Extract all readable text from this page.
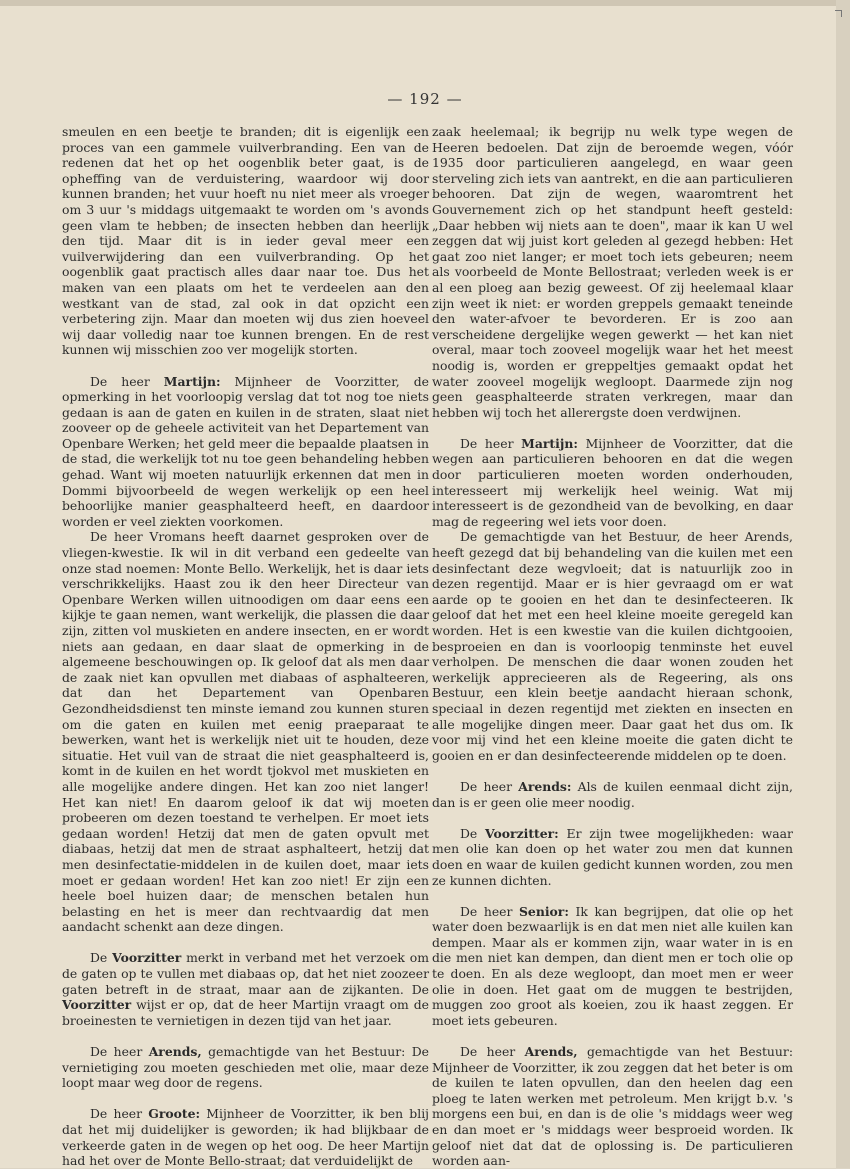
— 192 —

smeulen en een beetje te branden; dit is eigenlijk een proces van een gammele vuilverbranding. Een van de redenen dat het op het oogenblik beter gaat, is de opheffing van de verduistering, waardoor wij door kunnen branden; het vuur hoeft nu niet meer als vroeger om 3 uur 's middags uitgemaakt te worden om 's avonds geen vlam te hebben; de insecten hebben dan heerlijk den tijd. Maar dit is in ieder geval meer een vuilverwijdering dan een vuilverbranding. Op het oogenblik gaat practisch alles daar naar toe. Dus het maken van een plaats om het te verdeelen aan den westkant van de stad, zal ook in dat opzicht een verbetering zijn. Maar dan moeten wij dus zien hoeveel wij daar volledig naar toe kunnen brengen. En de rest kunnen wij misschien zoo ver mogelijk storten.

De heer Martijn: Mijnheer de Voorzitter, de opmerking in het voorloopig verslag dat tot nog toe niets gedaan is aan de gaten en kuilen in de straten, slaat niet zooveer op de geheele activiteit van het Departement van Openbare Werken; het geld meer die bepaalde plaatsen in de stad, die werkelijk tot nu toe geen behandeling hebben gehad. Want wij moeten natuurlijk erkennen dat men in Dommi bijvoorbeeld de wegen werkelijk op een heel behoorlijke manier geasphalteerd heeft, en daardoor worden er veel ziekten voorkomen.

De heer Vromans heeft daarnet gesproken over de vliegen-kwestie. Ik wil in dit verband een gedeelte van onze stad noemen: Monte Bello. Werkelijk, het is daar iets verschrikkelijks. Haast zou ik den heer Directeur van Openbare Werken willen uitnoodigen om daar eens een kijkje te gaan nemen, want werkelijk, die plassen die daar zijn, zitten vol muskieten en andere insecten, en er wordt niets aan gedaan, en daar slaat de opmerking in de algemeene beschouwingen op. Ik geloof dat als men daar de zaak niet kan opvullen met diabaas of asphalteeren, dat dan het Departement van Openbaren Gezondheidsdienst ten minste iemand zou kunnen sturen om die gaten en kuilen met eenig praeparaat te bewerken, want het is werkelijk niet uit te houden, deze situatie. Het vuil van de straat die niet geasphalteerd is, komt in de kuilen en het wordt tjokvol met muskieten en alle mogelijke andere dingen. Het kan zoo niet langer! Het kan niet! En daarom geloof ik dat wij moeten probeeren om dezen toestand te verhelpen. Er moet iets gedaan worden! Hetzij dat men de gaten opvult met diabaas, hetzij dat men de straat asphalteert, hetzij dat men desinfectatie-middelen in de kuilen doet, maar iets moet er gedaan worden! Het kan zoo niet! Er zijn een heele boel huizen daar; de menschen betalen hun belasting en het is meer dan rechtvaardig dat men aandacht schenkt aan deze dingen.

De Voorzitter merkt in verband met het verzoek om de gaten op te vullen met diabaas op, dat het niet zoozeer gaten betreft in de straat, maar aan de zijkanten. De Voorzitter wijst er op, dat de heer Martijn vraagt om de broeinesten te vernietigen in dezen tijd van het jaar.

De heer Arends, gemachtigde van het Bestuur: De vernietiging zou moeten geschieden met olie, maar deze loopt maar weg door de regens.

De heer Groote: Mijnheer de Voorzitter, ik ben blij dat het mij duidelijker is geworden; ik had blijkbaar de verkeerde gaten in de wegen op het oog. De heer Martijn had het over de Monte Bello-straat; dat verduidelijkt de

zaak heelemaal; ik begrijp nu welk type wegen de Heeren bedoelen. Dat zijn de beroemde wegen, vóór 1935 door particulieren aangelegd, en waar geen sterveling zich iets van aantrekt, en die aan particulieren behooren. Dat zijn de wegen, waaromtrent het Gouvernement zich op het standpunt heeft gesteld: „Daar hebben wij niets aan te doen", maar ik kan U wel zeggen dat wij juist kort geleden al gezegd hebben: Het gaat zoo niet langer; er moet toch iets gebeuren; neem als voorbeeld de Monte Bellostraat; verleden week is er al een ploeg aan bezig geweest. Of zij heelemaal klaar zijn weet ik niet: er worden greppels gemaakt teneinde den water-afvoer te bevorderen. Er is zoo aan verscheidene dergelijke wegen gewerkt — het kan niet overal, maar toch zooveel mogelijk waar het het meest noodig is, worden er greppeltjes gemaakt opdat het water zooveel mogelijk wegloopt. Daarmede zijn nog geen geasphalteerde straten verkregen, maar dan hebben wij toch het allerergste doen verdwijnen.

De heer Martijn: Mijnheer de Voorzitter, dat die wegen aan particulieren behooren en dat die wegen door particulieren moeten worden onderhouden, interesseert mij werkelijk heel weinig. Wat mij interesseert is de gezondheid van de bevolking, en daar mag de regeering wel iets voor doen.

De gemachtigde van het Bestuur, de heer Arends, heeft gezegd dat bij behandeling van die kuilen met een desinfectant deze wegvloeit; dat is natuurlijk zoo in dezen regentijd. Maar er is hier gevraagd om er wat aarde op te gooien en het dan te desinfecteeren. Ik geloof dat het met een heel kleine moeite geregeld kan worden. Het is een kwestie van die kuilen dichtgooien, besproeien en dan is voorloopig tenminste het euvel verholpen. De menschen die daar wonen zouden het werkelijk apprecieeren als de Regeering, als ons Bestuur, een klein beetje aandacht hieraan schonk, speciaal in dezen regentijd met ziekten en insecten en alle mogelijke dingen meer. Daar gaat het dus om. Ik voor mij vind het een kleine moeite die gaten dicht te gooien en er dan desinfecteerende middelen op te doen.

De heer Arends: Als de kuilen eenmaal dicht zijn, dan is er geen olie meer noodig.

De Voorzitter: Er zijn twee mogelijkheden: waar men olie kan doen op het water zou men dat kunnen doen en waar de kuilen gedicht kunnen worden, zou men ze kunnen dichten.

De heer Senior: Ik kan begrijpen, dat olie op het water doen bezwaarlijk is en dat men niet alle kuilen kan dempen. Maar als er kommen zijn, waar water in is en die men niet kan dempen, dan dient men er toch olie op te doen. En als deze wegloopt, dan moet men er weer olie in doen. Het gaat om de muggen te bestrijden, muggen zoo groot als koeien, zou ik haast zeggen. Er moet iets gebeuren.

De heer Arends, gemachtigde van het Bestuur: Mijnheer de Voorzitter, ik zou zeggen dat het beter is om de kuilen te laten opvullen, dan den heelen dag een ploeg te laten werken met petroleum. Men krijgt b.v. 's morgens een bui, en dan is de olie 's middags weer weg en dan moet er 's middags weer besproeid worden. Ik geloof niet dat dat de oplossing is. De particulieren worden aan-
